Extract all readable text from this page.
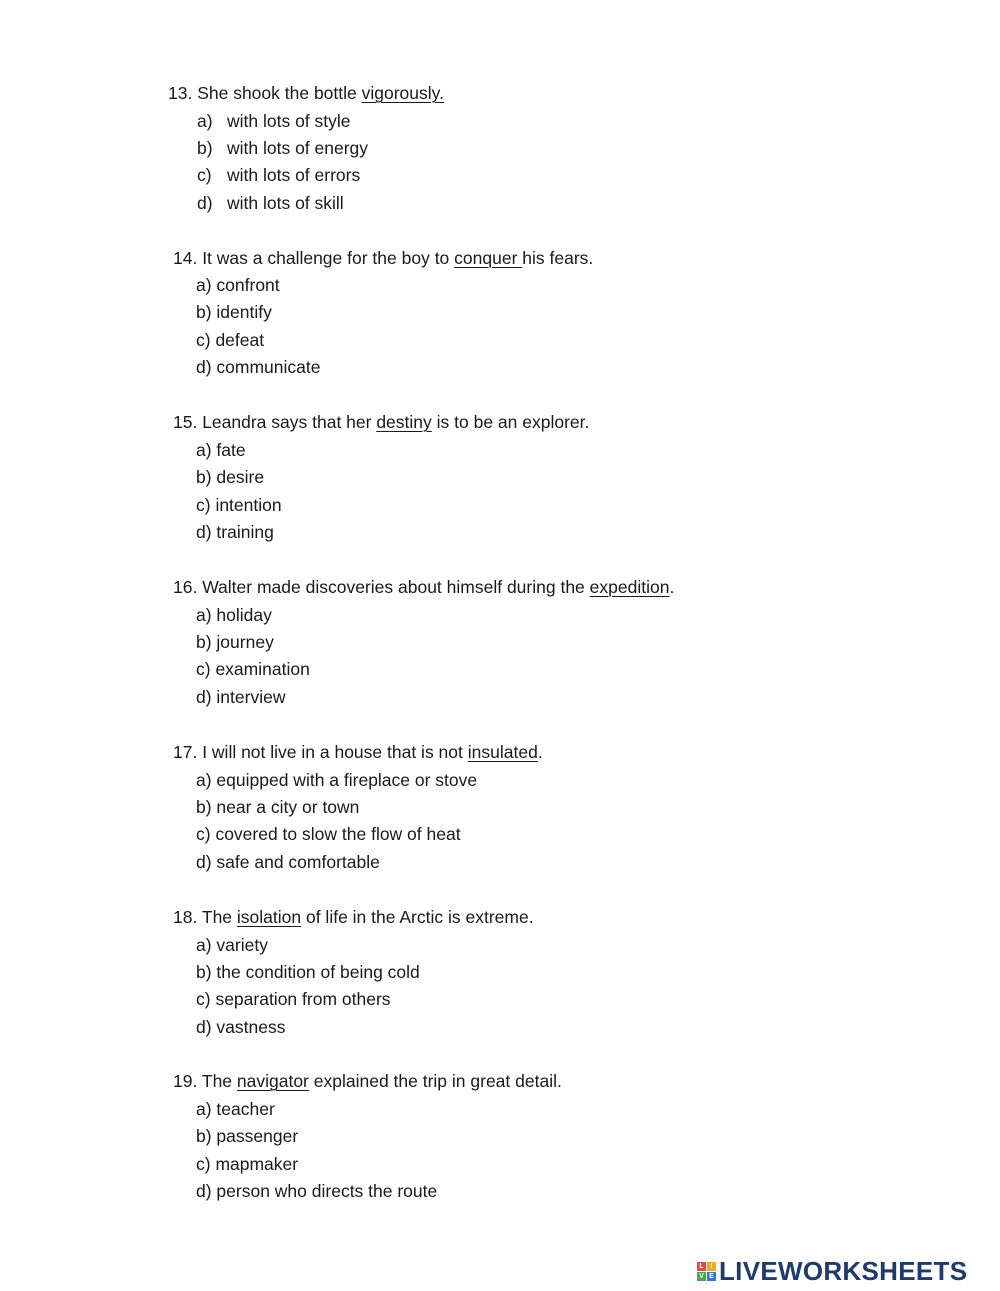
13. She shook the bottle vigorously.
a) with lots of style
b) with lots of energy
c) with lots of errors
d) with lots of skill
14. It was a challenge for the boy to conquer his fears.
a) confront
b) identify
c) defeat
d) communicate
15. Leandra says that her destiny is to be an explorer.
a) fate
b) desire
c) intention
d) training
16. Walter made discoveries about himself during the expedition.
a) holiday
b) journey
c) examination
d) interview
17. I will not live in a house that is not insulated.
a) equipped with a fireplace or stove
b) near a city or town
c) covered to slow the flow of heat
d) safe and comfortable
18. The isolation of life in the Arctic is extreme.
a) variety
b) the condition of being cold
c) separation from others
d) vastness
19. The navigator explained the trip in great detail.
a) teacher
b) passenger
c) mapmaker
d) person who directs the route
L I
V E LIVEWORKSHEETS
